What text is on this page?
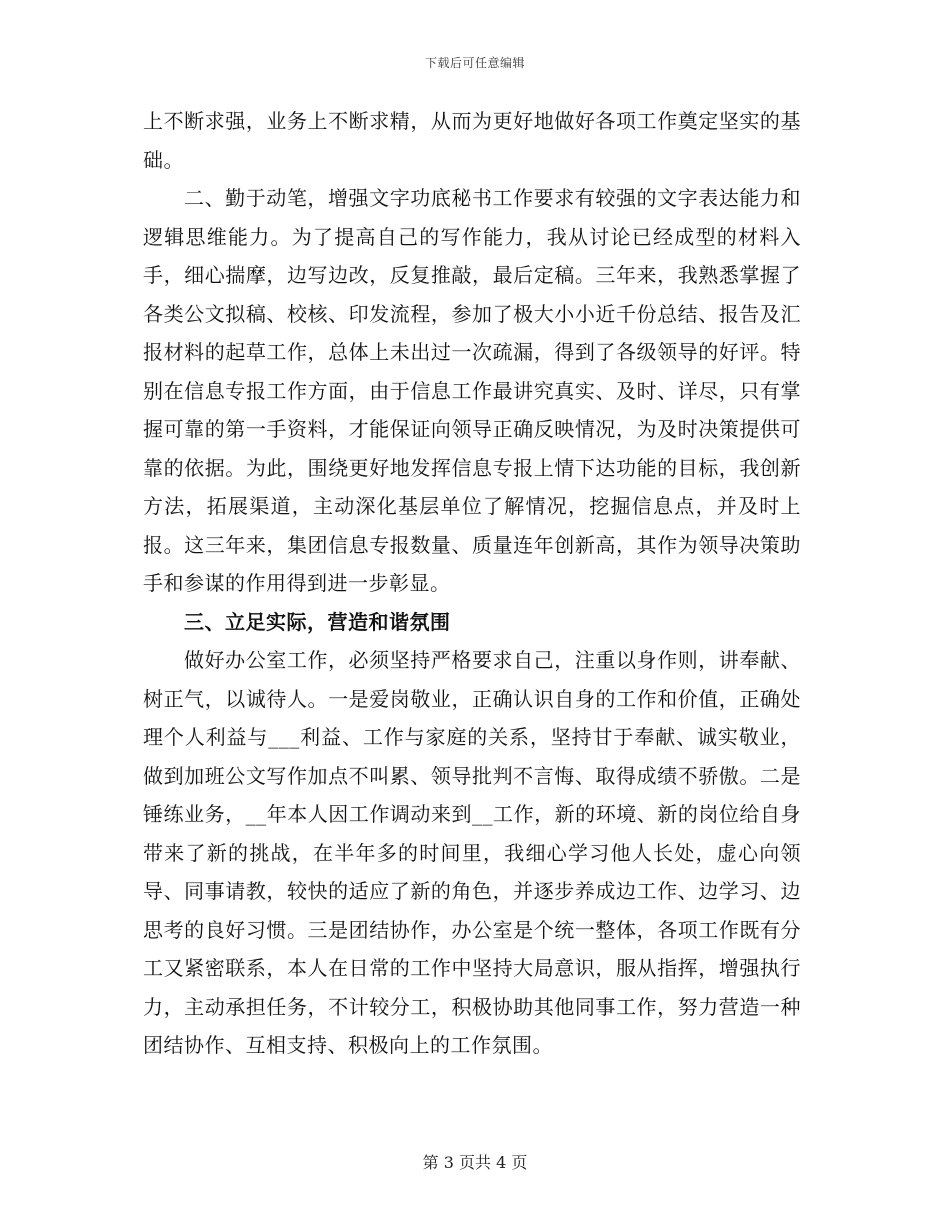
下载后可任意编辑

上不断求强，业务上不断求精，从而为更好地做好各项工作奠定坚实的基础。

二、勤于动笔，增强文字功底秘书工作要求有较强的文字表达能力和逻辑思维能力。为了提高自己的写作能力，我从讨论已经成型的材料入手，细心揣摩，边写边改，反复推敲，最后定稿。三年来，我熟悉掌握了各类公文拟稿、校核、印发流程，参加了极大小小近千份总结、报告及汇报材料的起草工作，总体上未出过一次疏漏，得到了各级领导的好评。特别在信息专报工作方面，由于信息工作最讲究真实、及时、详尽，只有掌握可靠的第一手资料，才能保证向领导正确反映情况，为及时决策提供可靠的依据。为此，围绕更好地发挥信息专报上情下达功能的目标，我创新方法，拓展渠道，主动深化基层单位了解情况，挖掘信息点，并及时上报。这三年来，集团信息专报数量、质量连年创新高，其作为领导决策助手和参谋的作用得到进一步彰显。

三、立足实际，营造和谐氛围

做好办公室工作，必须坚持严格要求自己，注重以身作则，讲奉献、树正气，以诚待人。一是爱岗敬业，正确认识自身的工作和价值，正确处理个人利益与___利益、工作与家庭的关系，坚持甘于奉献、诚实敬业，做到加班公文写作加点不叫累、领导批判不言悔、取得成绩不骄傲。二是锤练业务，__年本人因工作调动来到__工作，新的环境、新的岗位给自身带来了新的挑战，在半年多的时间里，我细心学习他人长处，虚心向领导、同事请教，较快的适应了新的角色，并逐步养成边工作、边学习、边思考的良好习惯。三是团结协作，办公室是个统一整体，各项工作既有分工又紧密联系，本人在日常的工作中坚持大局意识，服从指挥，增强执行力，主动承担任务，不计较分工，积极协助其他同事工作，努力营造一种团结协作、互相支持、积极向上的工作氛围。

第 3 页共 4 页
